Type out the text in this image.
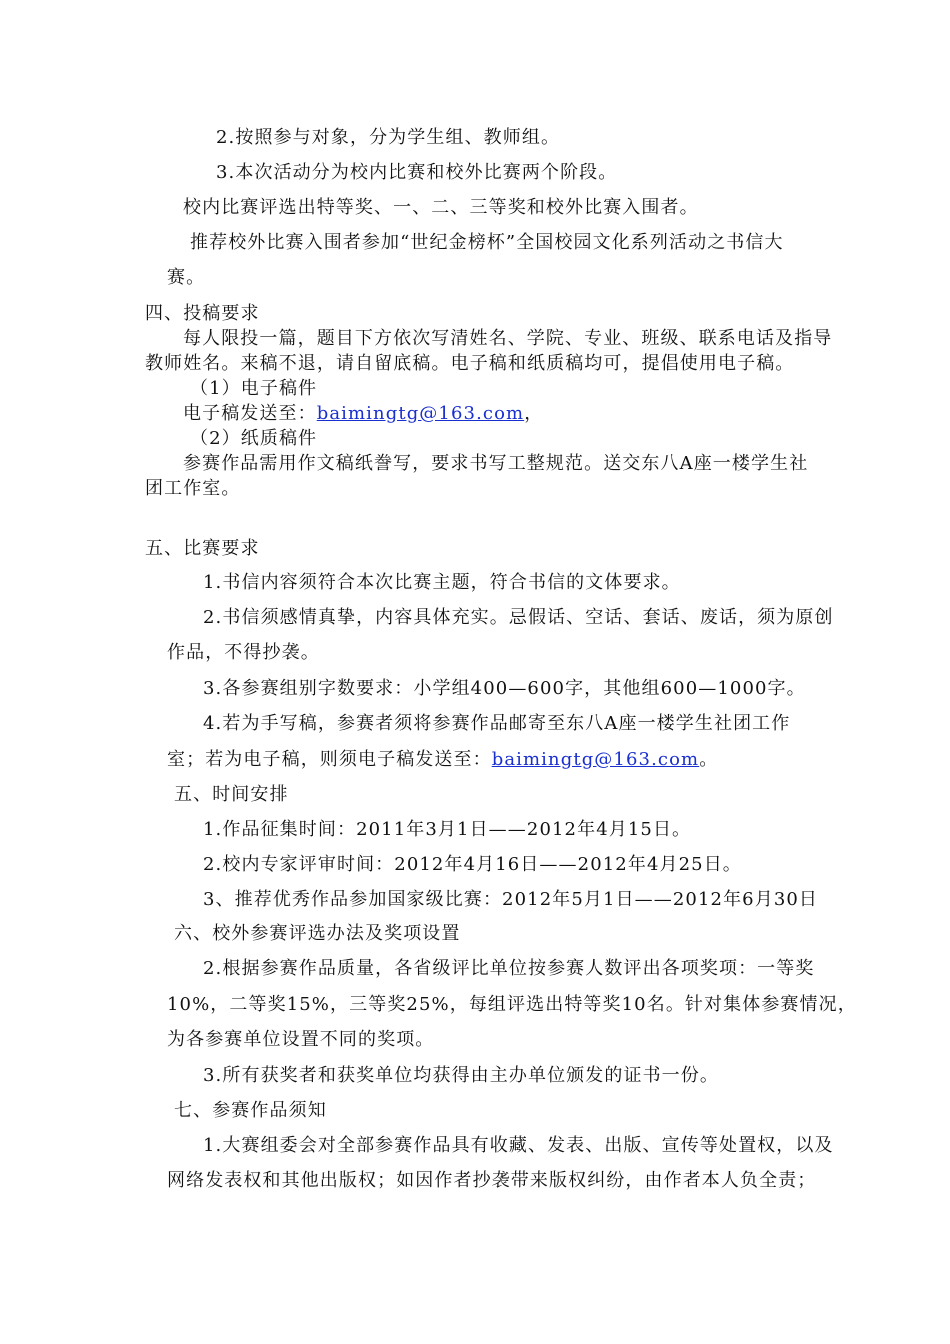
2.按照参与对象，分为学生组、教师组。
3.本次活动分为校内比赛和校外比赛两个阶段。
校内比赛评选出特等奖、一、二、三等奖和校外比赛入围者。
推荐校外比赛入围者参加“世纪金榜杯”全国校园文化系列活动之书信大
赛。
四、投稿要求
每人限投一篇，题目下方依次写清姓名、学院、专业、班级、联系电话及指导
教师姓名。来稿不退，请自留底稿。电子稿和纸质稿均可，提倡使用电子稿。
（1）电子稿件
电子稿发送至：baimingtg@163.com，
（2）纸质稿件
参赛作品需用作文稿纸誊写，要求书写工整规范。送交东八A座一楼学生社
团工作室。
五、比赛要求
1.书信内容须符合本次比赛主题，符合书信的文体要求。
2.书信须感情真挚，内容具体充实。忌假话、空话、套话、废话，须为原创
作品，不得抄袭。
3.各参赛组别字数要求：小学组400—600字，其他组600—1000字。
4.若为手写稿，参赛者须将参赛作品邮寄至东八A座一楼学生社团工作
室；若为电子稿，则须电子稿发送至：baimingtg@163.com。
五、时间安排
1.作品征集时间：2011年3月1日——2012年4月15日。
2.校内专家评审时间：2012年4月16日——2012年4月25日。
3、推荐优秀作品参加国家级比赛：2012年5月1日——2012年6月30日
六、校外参赛评选办法及奖项设置
2.根据参赛作品质量，各省级评比单位按参赛人数评出各项奖项：一等奖
10%，二等奖15%，三等奖25%，每组评选出特等奖10名。针对集体参赛情况，
为各参赛单位设置不同的奖项。
3.所有获奖者和获奖单位均获得由主办单位颁发的证书一份。
七、参赛作品须知
1.大赛组委会对全部参赛作品具有收藏、发表、出版、宣传等处置权，以及
网络发表权和其他出版权；如因作者抄袭带来版权纠纷，由作者本人负全责；
